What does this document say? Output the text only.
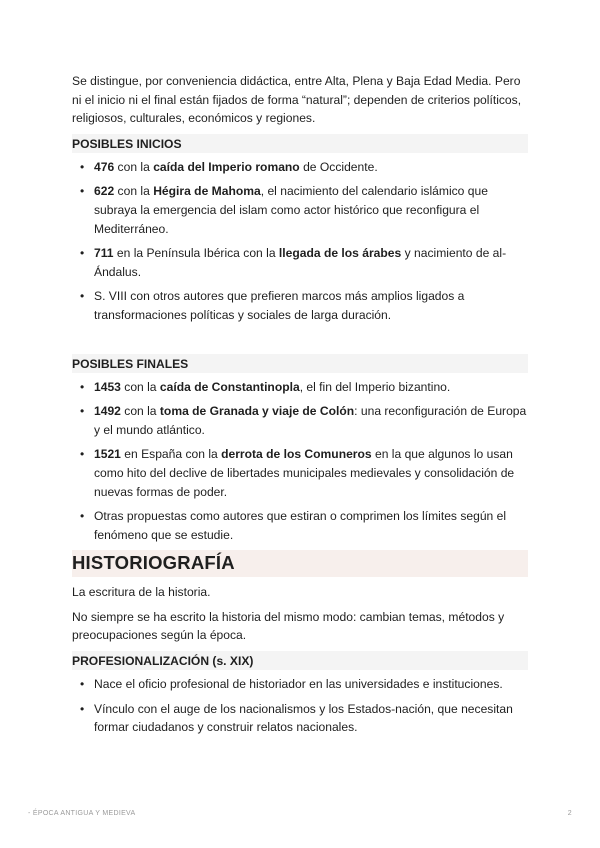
Se distingue, por conveniencia didáctica, entre Alta, Plena y Baja Edad Media. Pero ni el inicio ni el final están fijados de forma “natural”; dependen de criterios políticos, religiosos, culturales, económicos y regiones.

POSIBLES INICIOS
• 476 con la caída del Imperio romano de Occidente.
• 622 con la Hégira de Mahoma, el nacimiento del calendario islámico que subraya la emergencia del islam como actor histórico que reconfigura el Mediterráneo.
• 711 en la Península Ibérica con la llegada de los árabes y nacimiento de al-Ándalus.
• S. VIII con otros autores que prefieren marcos más amplios ligados a transformaciones políticas y sociales de larga duración.
POSIBLES FINALES
• 1453 con la caída de Constantinopla, el fin del Imperio bizantino.
• 1492 con la toma de Granada y viaje de Colón: una reconfiguración de Europa y el mundo atlántico.
• 1521 en España con la derrota de los Comuneros en la que algunos lo usan como hito del declive de libertades municipales medievales y consolidación de nuevas formas de poder.
• Otras propuestas como autores que estiran o comprimen los límites según el fenómeno que se estudie.
HISTORIOGRAFÍA

La escritura de la historia.

No siempre se ha escrito la historia del mismo modo: cambian temas, métodos y preocupaciones según la época.

PROFESIONALIZACIÓN (s. XIX)
• Nace el oficio profesional de historiador en las universidades e instituciones.
• Vínculo con el auge de los nacionalismos y los Estados-nación, que necesitan formar ciudadanos y construir relatos nacionales.
- ÉPOCA ANTIGUA Y MEDIEVA	2
